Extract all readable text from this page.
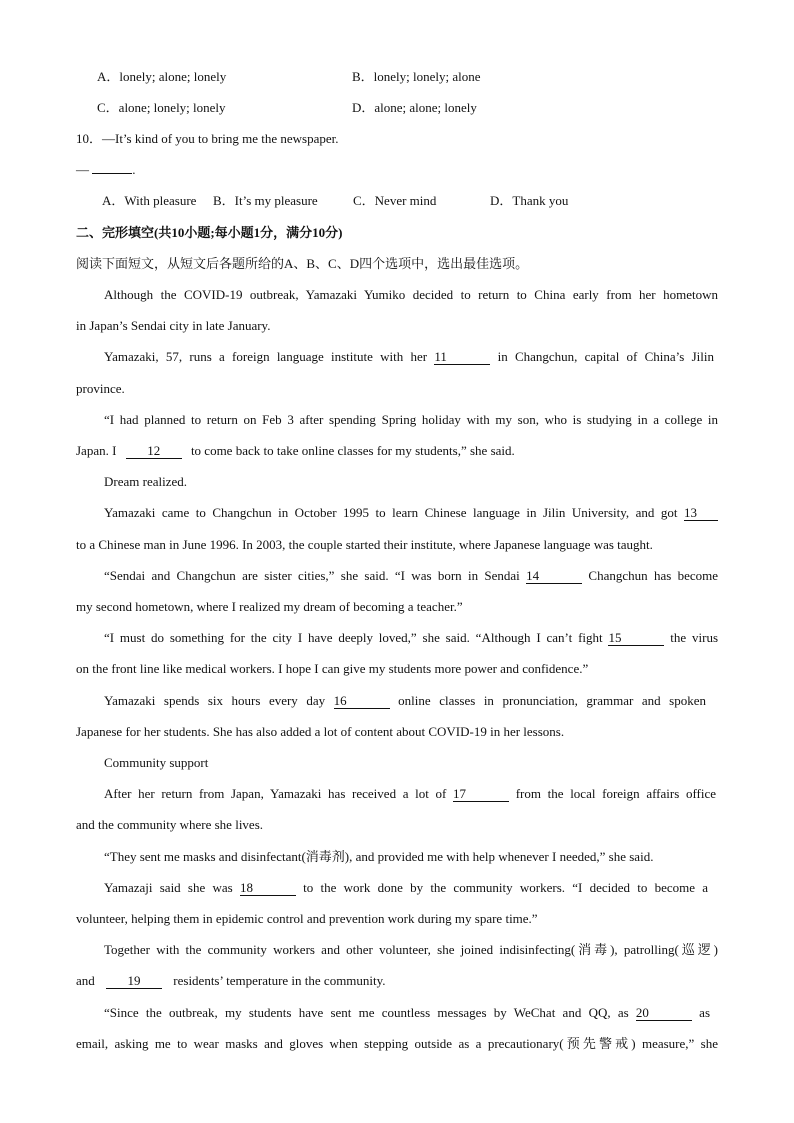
A．lonely; alone; lonely	B．lonely; lonely; alone
C．alone; lonely; lonely	D．alone; alone; lonely
10．—It’s kind of you to bring me the newspaper.
—	.
A．With pleasure B．It’s my pleasure	C．Never mind	D．Thank you
二、完形填空(共10小题;每小题1分，满分10分)
阅读下面短文，从短文后各题所给的A、B、C、D四个选项中，选出最佳选项。
Although the COVID-19 outbreak, Yamazaki Yumiko decided to return to China early from her hometown
in Japan’s Sendai city in late January.
Yamazaki, 57, runs a foreign language institute with her 11	in Changchun, capital of China’s Jilin
province.
“I had planned to return on Feb 3 after spending Spring holiday with my son, who is studying in a college in
Japan. I 12 to come back to take online classes for my students,” she said.
Dream realized.
Yamazaki came to Changchun in October 1995 to learn Chinese language in Jilin University, and got 13
to a Chinese man in June 1996. In 2003, the couple started their institute, where Japanese language was taught.
“Sendai and Changchun are sister cities,” she said. “I was born in Sendai 14	Changchun has become
my second hometown, where I realized my dream of becoming a teacher.”
“I must do something for the city I have deeply loved,” she said. “Although I can’t fight 15	the virus
on the front line like medical workers. I hope I can give my students more power and confidence.”
Yamazaki spends six hours every day 16	online classes in pronunciation, grammar and spoken
Japanese for her students. She has also added a lot of content about COVID-19 in her lessons.
Community support
After her return from Japan, Yamazaki has received a lot of 17	from the local foreign affairs office
and the community where she lives.
“They sent me masks and disinfectant(消毒剂), and provided me with help whenever I needed,” she said.
Yamazaji said she was 18	to the work done by the community workers. “I decided to become a
volunteer, helping them in epidemic control and prevention work during my spare time.”
Together with the community workers and other volunteer, she joined indisinfecting(消毒), patrolling(巡逻)
and	19	residents’ temperature in the community.
“Since the outbreak, my students have sent me countless messages by WeChat and QQ, as 20	as
email, asking me to wear masks and gloves when stepping outside as a precautionary(预先警戒) measure,” she
